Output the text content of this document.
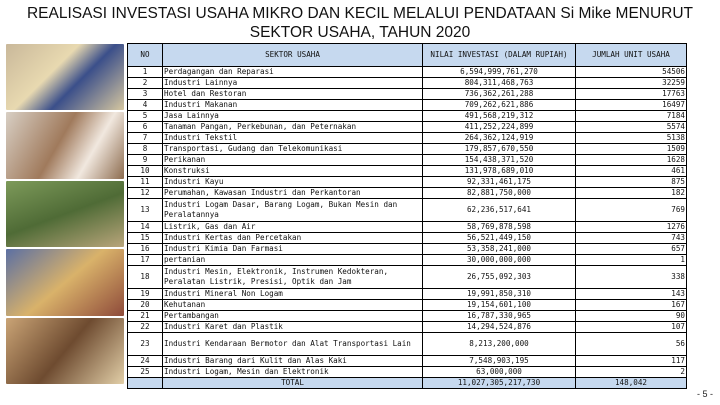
REALISASI INVESTASI USAHA MIKRO DAN KECIL MELALUI PENDATAAN Si Mike MENURUT
SEKTOR USAHA, TAHUN 2020
NO	SEKTOR USAHA	NILAI INVESTASI (DALAM RUPIAH)	JUMLAH UNIT USAHA
1	Perdagangan dan Reparasi	6,594,999,761,270	54506
2	Industri Lainnya	804,311,468,763	32259
3	Hotel dan Restoran	736,362,261,288	17763
4	Industri Makanan	709,262,621,886	16497
5	Jasa Lainnya	491,568,219,312	7184
6	Tanaman Pangan, Perkebunan, dan Peternakan	411,252,224,899	5574
7	Industri Tekstil	264,362,124,919	5138
8	Transportasi, Gudang dan Telekomunikasi	179,857,670,550	1509
9	Perikanan	154,438,371,520	1628
10	Konstruksi	131,978,689,010	461
11	Industri Kayu	92,331,461,175	875
12	Perumahan, Kawasan Industri dan Perkantoran	82,881,750,000	182
13	Industri Logam Dasar, Barang Logam, Bukan Mesin dan Peralatannya	62,236,517,641	769
14	Listrik, Gas dan Air	58,769,878,598	1276
15	Industri Kertas dan Percetakan	56,521,449,150	743
16	Industri Kimia Dan Farmasi	53,358,241,000	657
17	pertanian	30,000,000,000	1
18	Industri Mesin, Elektronik, Instrumen Kedokteran, Peralatan Listrik, Presisi, Optik dan Jam	26,755,092,303	338
19	Industri Mineral Non Logam	19,991,850,310	143
20	Kehutanan	19,154,601,100	167
21	Pertambangan	16,787,330,965	90
22	Industri Karet dan Plastik	14,294,524,876	107
23	Industri Kendaraan Bermotor dan Alat Transportasi Lain	8,213,200,000	56
24	Industri Barang dari Kulit dan Alas Kaki	7,548,903,195	117
25	Industri Logam, Mesin dan Elektronik	63,000,000	2
	TOTAL	11,027,305,217,730	148,042
- 5 -
